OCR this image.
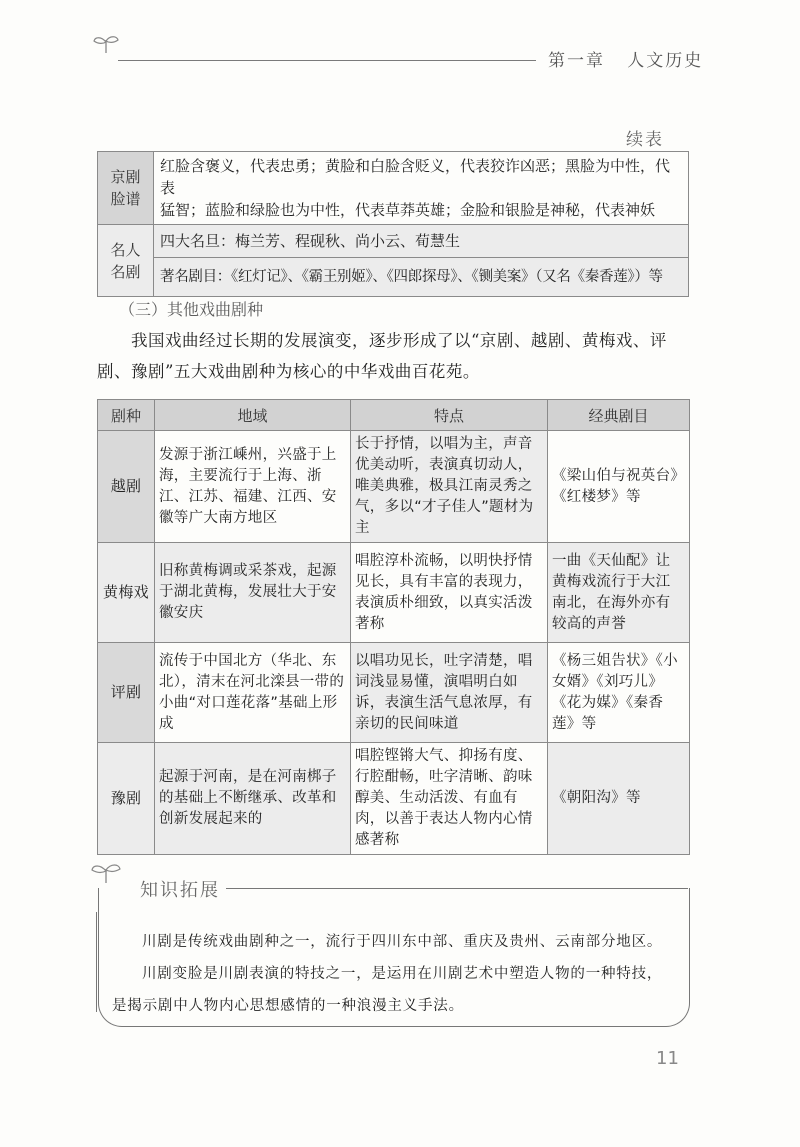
第一章 人文历史
续表
京剧
脸谱	红脸含褒义，代表忠勇；黄脸和白脸含贬义，代表狡诈凶恶；黑脸为中性，代表
猛智；蓝脸和绿脸也为中性，代表草莽英雄；金脸和银脸是神秘，代表神妖
名人
名剧	四大名旦：梅兰芳、程砚秋、尚小云、荀慧生
	著名剧目：《红灯记》、《霸王别姬》、《四郎探母》、《铡美案》（又名《秦香莲》）等
（三）其他戏曲剧种

我国戏曲经过长期的发展演变，逐步形成了以“京剧、越剧、黄梅戏、评剧、豫剧”五大戏曲剧种为核心的中华戏曲百花苑。

剧种	地域	特点	经典剧目
越剧	发源于浙江嵊州，兴盛于上海，主要流行于上海、浙江、江苏、福建、江西、安徽等广大南方地区	长于抒情，以唱为主，声音优美动听，表演真切动人，唯美典雅，极具江南灵秀之气，多以“才子佳人”题材为主	《梁山伯与祝英台》《红楼梦》等
黄梅戏	旧称黄梅调或采茶戏，起源于湖北黄梅，发展壮大于安徽安庆	唱腔淳朴流畅，以明快抒情见长，具有丰富的表现力，表演质朴细致，以真实活泼著称	一曲《天仙配》让黄梅戏流行于大江南北，在海外亦有较高的声誉
评剧	流传于中国北方（华北、东北），清末在河北滦县一带的小曲“对口莲花落”基础上形成	以唱功见长，吐字清楚，唱词浅显易懂，演唱明白如诉，表演生活气息浓厚，有亲切的民间味道	《杨三姐告状》《小女婿》《刘巧儿》《花为媒》《秦香莲》等
豫剧	起源于河南，是在河南梆子的基础上不断继承、改革和创新发展起来的	唱腔铿锵大气、抑扬有度、行腔酣畅，吐字清晰、韵味醇美、生动活泼、有血有肉，以善于表达人物内心情感著称	《朝阳沟》等
知识拓展

川剧是传统戏曲剧种之一，流行于四川东中部、重庆及贵州、云南部分地区。

川剧变脸是川剧表演的特技之一，是运用在川剧艺术中塑造人物的一种特技，

是揭示剧中人物内心思想感情的一种浪漫主义手法。

11
